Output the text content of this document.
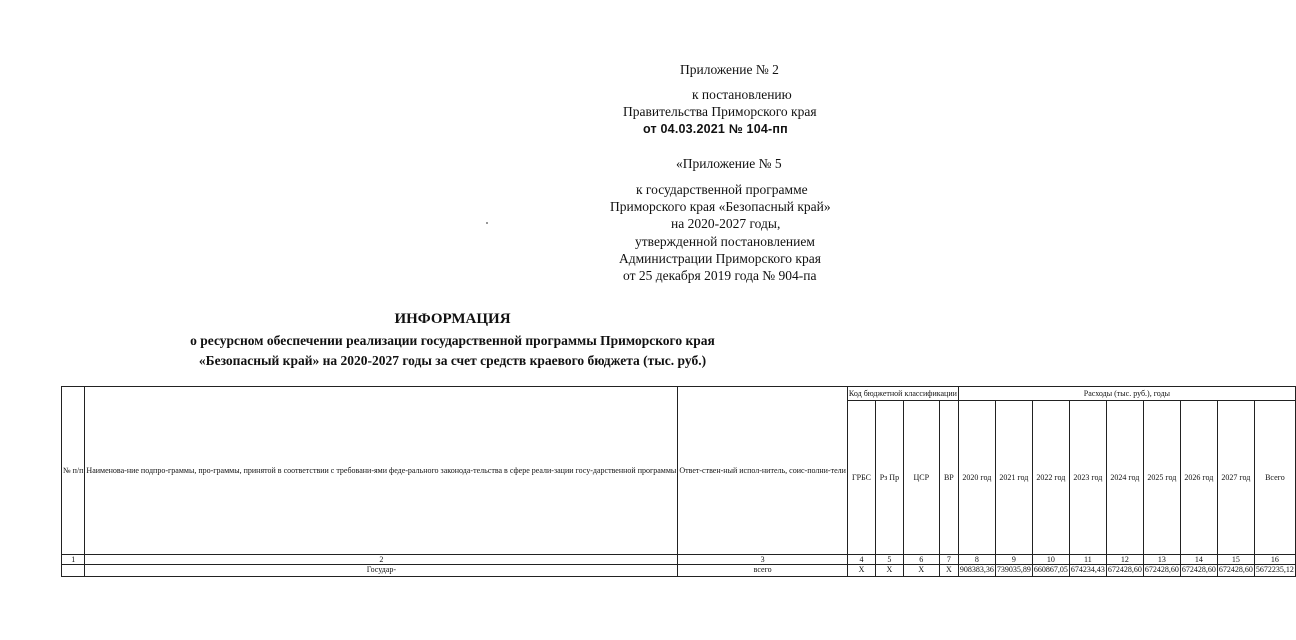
Приложение № 2
к постановлению
Правительства Приморского края
от 04.03.2021 № 104-пп
«Приложение № 5
к государственной программе
Приморского края «Безопасный край»
на 2020-2027 годы,
утвержденной постановлением
Администрации Приморского края
от 25 декабря 2019 года № 904-па
ИНФОРМАЦИЯ
о ресурсном обеспечении реализации государственной программы Приморского края
«Безопасный край» на 2020-2027 годы за счет средств краевого бюджета (тыс. руб.)
№ п/п	Наименова-ние подпро-граммы, про-граммы, принятой в соответствии с требовани-ями феде-рального законода-тельства в сфере реали-зации госу-дарственной программы	Ответ-ствен-ный испол-нитель, соис-полни-тели	Код бюджетной классификации				Расходы (тыс. руб.), годы								
			ГРБС	Рз Пр	ЦСР	ВР	2020 год	2021 год	2022 год	2023 год	2024 год	2025 год	2026 год	2027 год	Всего
1	2	3	4	5	6	7	8	9	10	11	12	13	14	15	16
	Государ-	всего	X	X	X	X	908383,36	739035,89	660867,05	674234,43	672428,60	672428,60	672428,60	672428,60	5672235,12
